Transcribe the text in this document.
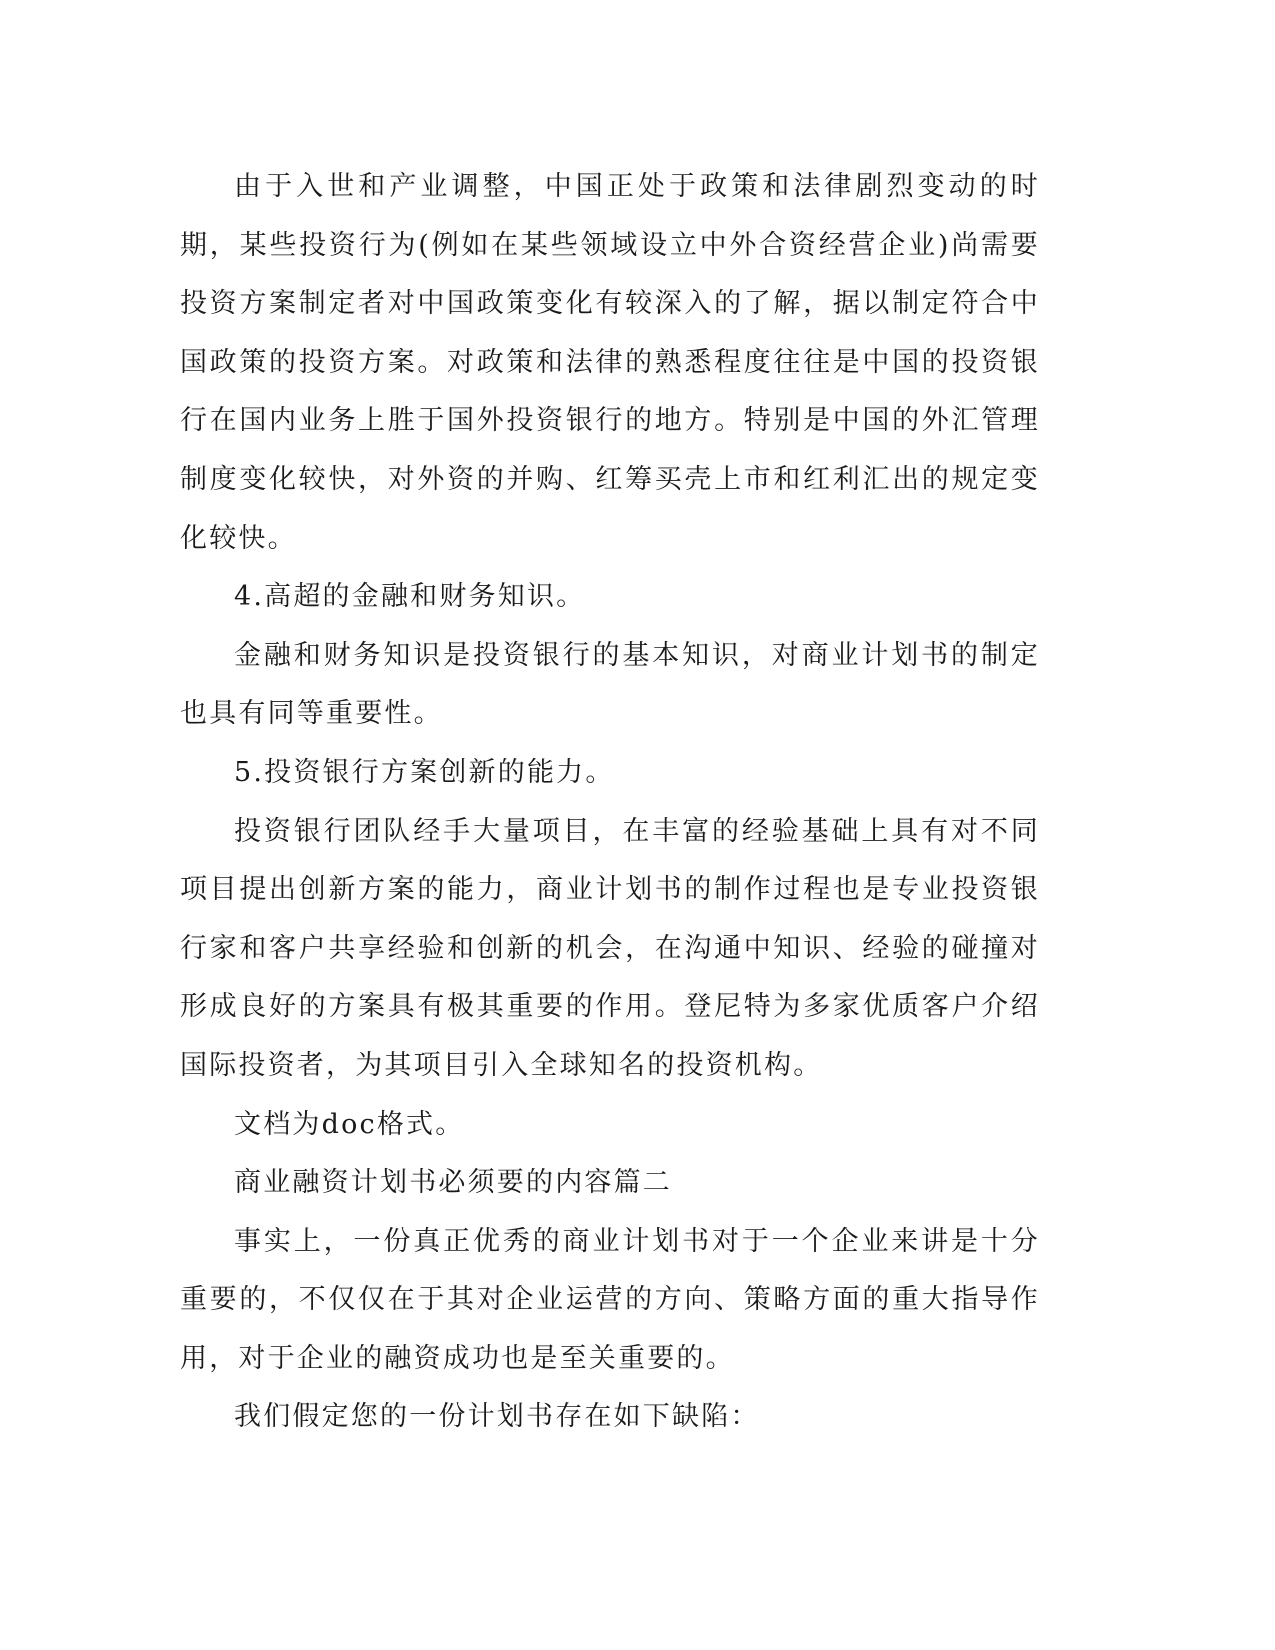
由于入世和产业调整，中国正处于政策和法律剧烈变动的时期，某些投资行为(例如在某些领域设立中外合资经营企业)尚需要投资方案制定者对中国政策变化有较深入的了解，据以制定符合中国政策的投资方案。对政策和法律的熟悉程度往往是中国的投资银行在国内业务上胜于国外投资银行的地方。特别是中国的外汇管理制度变化较快，对外资的并购、红筹买壳上市和红利汇出的规定变化较快。

4.高超的金融和财务知识。

金融和财务知识是投资银行的基本知识，对商业计划书的制定也具有同等重要性。

5.投资银行方案创新的能力。

投资银行团队经手大量项目，在丰富的经验基础上具有对不同项目提出创新方案的能力，商业计划书的制作过程也是专业投资银行家和客户共享经验和创新的机会，在沟通中知识、经验的碰撞对形成良好的方案具有极其重要的作用。登尼特为多家优质客户介绍国际投资者，为其项目引入全球知名的投资机构。

文档为doc格式。

商业融资计划书必须要的内容篇二

事实上，一份真正优秀的商业计划书对于一个企业来讲是十分重要的，不仅仅在于其对企业运营的方向、策略方面的重大指导作用，对于企业的融资成功也是至关重要的。

我们假定您的一份计划书存在如下缺陷：
